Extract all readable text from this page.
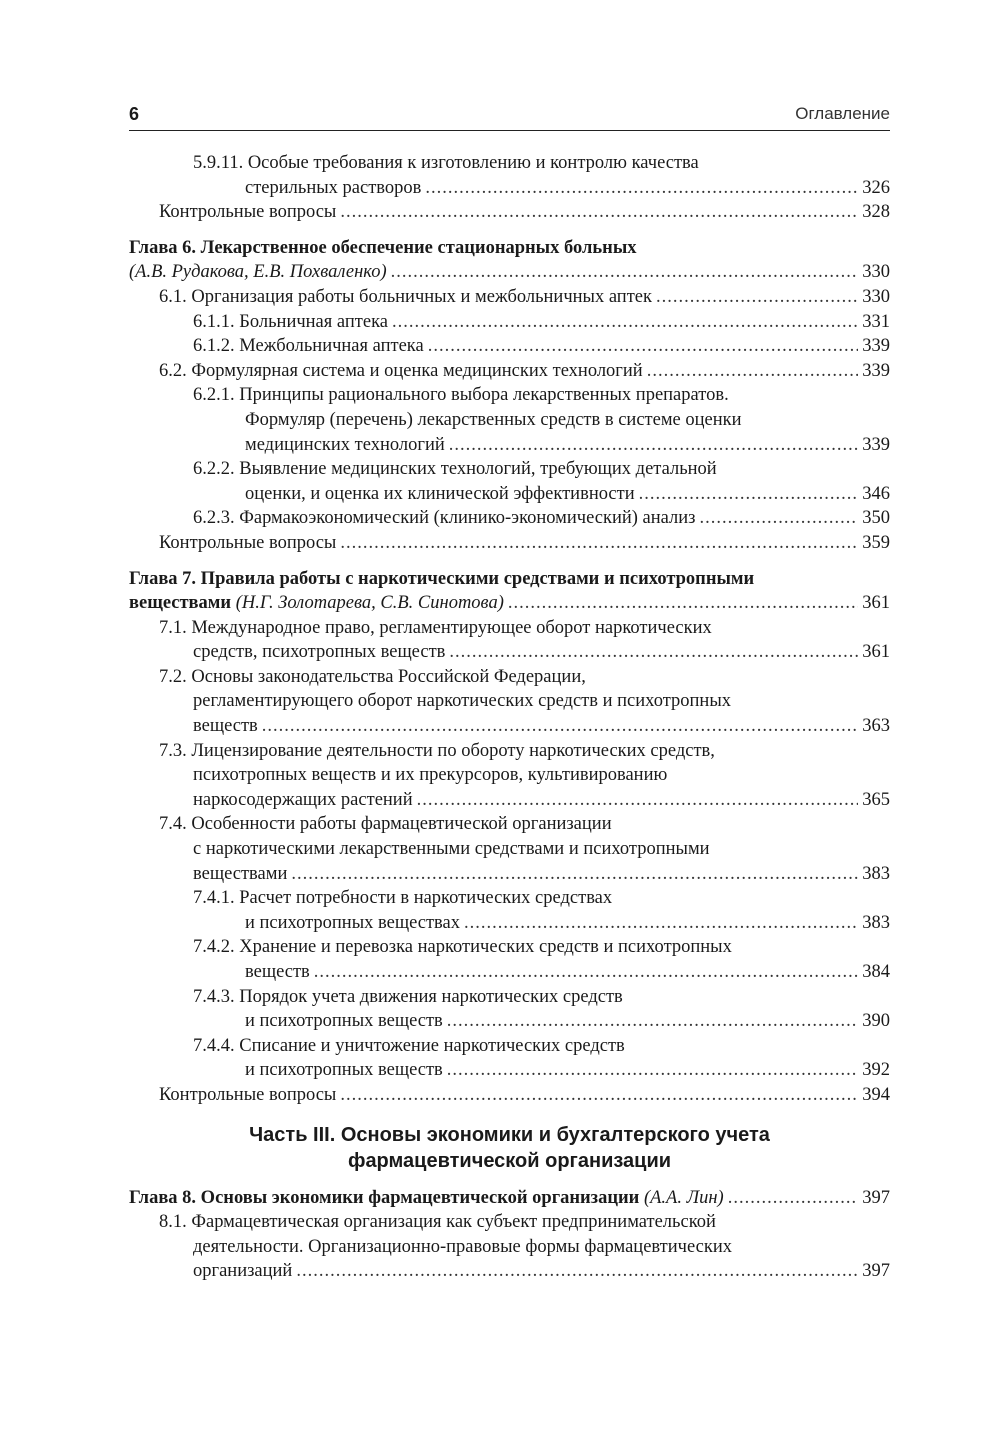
6	Оглавление
5.9.11. Особые требования к изготовлению и контролю качества
стерильных растворов .....	326
Контрольные вопросы .....	328
Глава 6. Лекарственное обеспечение стационарных больных
(А.В. Рудакова, Е.В. Похваленко) .....	330
6.1. Организация работы больничных и межбольничных аптек .....	330
6.1.1. Больничная аптека .....	331
6.1.2. Межбольничная аптека .....	339
6.2. Формулярная система и оценка медицинских технологий .....	339
6.2.1. Принципы рационального выбора лекарственных препаратов.
Формуляр (перечень) лекарственных средств в системе оценки
медицинских технологий .....	339
6.2.2. Выявление медицинских технологий, требующих детальной
оценки, и оценка их клинической эффективности .....	346
6.2.3. Фармакоэкономический (клинико-экономический) анализ .....	350
Контрольные вопросы .....	359
Глава 7. Правила работы с наркотическими средствами и психотропными
веществами (Н.Г. Золотарева, С.В. Синотова) .....	361
7.1. Международное право, регламентирующее оборот наркотических
средств, психотропных веществ .....	361
7.2. Основы законодательства Российской Федерации,
регламентирующего оборот наркотических средств и психотропных
веществ .....	363
7.3. Лицензирование деятельности по обороту наркотических средств,
психотропных веществ и их прекурсоров, культивированию
наркосодержащих растений .....	365
7.4. Особенности работы фармацевтической организации
с наркотическими лекарственными средствами и психотропными
веществами .....	383
7.4.1. Расчет потребности в наркотических средствах
и психотропных веществах .....	383
7.4.2. Хранение и перевозка наркотических средств и психотропных
веществ .....	384
7.4.3. Порядок учета движения наркотических средств
и психотропных веществ .....	390
7.4.4. Списание и уничтожение наркотических средств
и психотропных веществ .....	392
Контрольные вопросы .....	394
Часть III. Основы экономики и бухгалтерского учета
фармацевтической организации
Глава 8. Основы экономики фармацевтической организации (А.А. Лин) .....	397
8.1. Фармацевтическая организация как субъект предпринимательской
деятельности. Организационно-правовые формы фармацевтических
организаций .....	397
